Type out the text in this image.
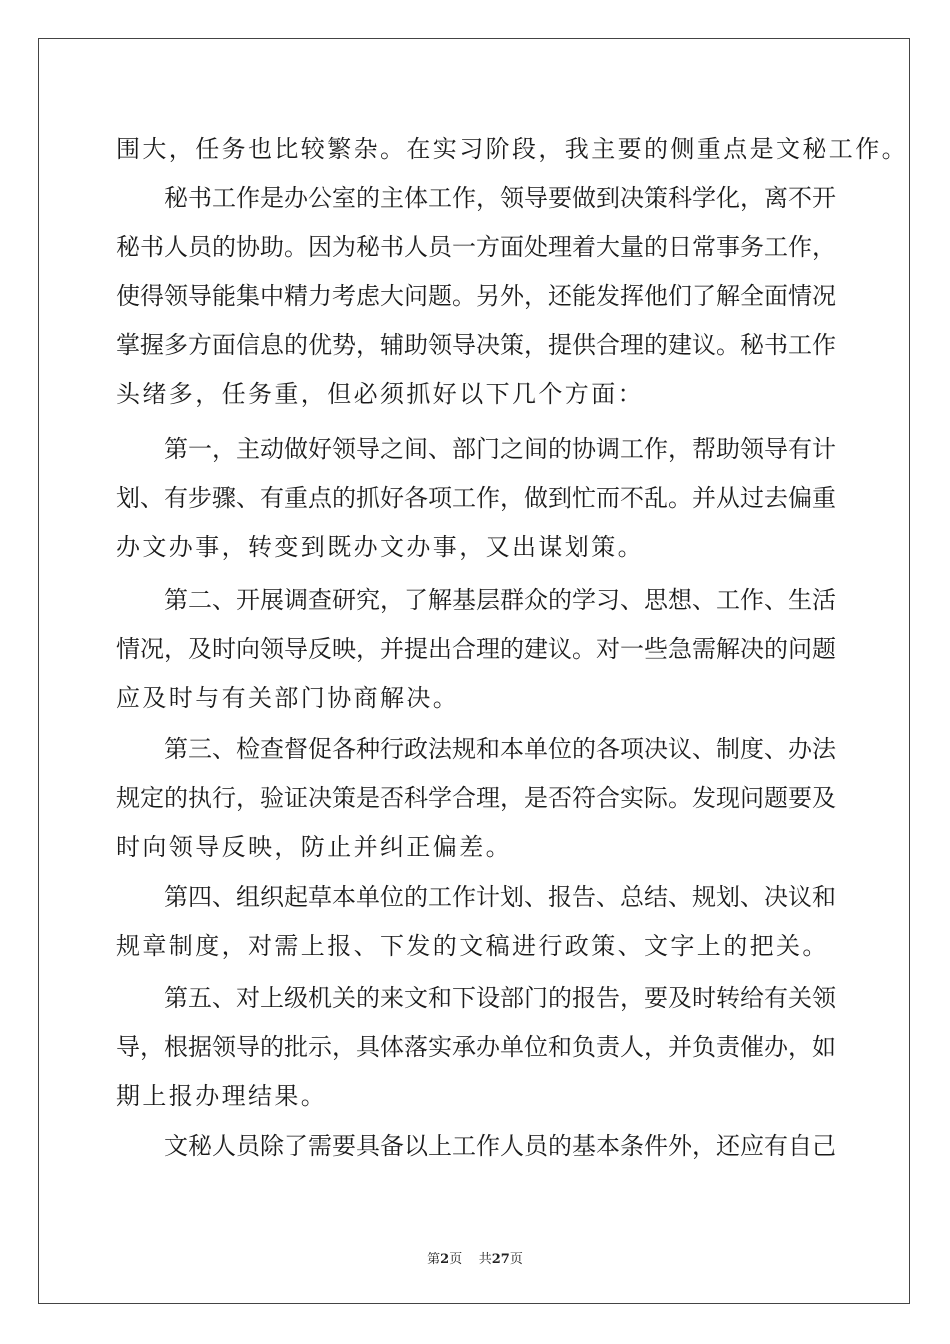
围大，任务也比较繁杂。在实习阶段，我主要的侧重点是文秘工作。
　　秘书工作是办公室的主体工作，领导要做到决策科学化，离不开
秘书人员的协助。因为秘书人员一方面处理着大量的日常事务工作，
使得领导能集中精力考虑大问题。另外，还能发挥他们了解全面情况
掌握多方面信息的优势，辅助领导决策，提供合理的建议。秘书工作
头绪多，任务重，但必须抓好以下几个方面：
　　第一，主动做好领导之间、部门之间的协调工作，帮助领导有计
划、有步骤、有重点的抓好各项工作，做到忙而不乱。并从过去偏重
办文办事，转变到既办文办事，又出谋划策。
　　第二、开展调查研究，了解基层群众的学习、思想、工作、生活
情况，及时向领导反映，并提出合理的建议。对一些急需解决的问题
应及时与有关部门协商解决。
　　第三、检查督促各种行政法规和本单位的各项决议、制度、办法
规定的执行，验证决策是否科学合理，是否符合实际。发现问题要及
时向领导反映，防止并纠正偏差。
　　第四、组织起草本单位的工作计划、报告、总结、规划、决议和
规章制度，对需上报、下发的文稿进行政策、文字上的把关。
　　第五、对上级机关的来文和下设部门的报告，要及时转给有关领
导，根据领导的批示，具体落实承办单位和负责人，并负责催办，如
期上报办理结果。
　　文秘人员除了需要具备以上工作人员的基本条件外，还应有自己
第2页 共27页
